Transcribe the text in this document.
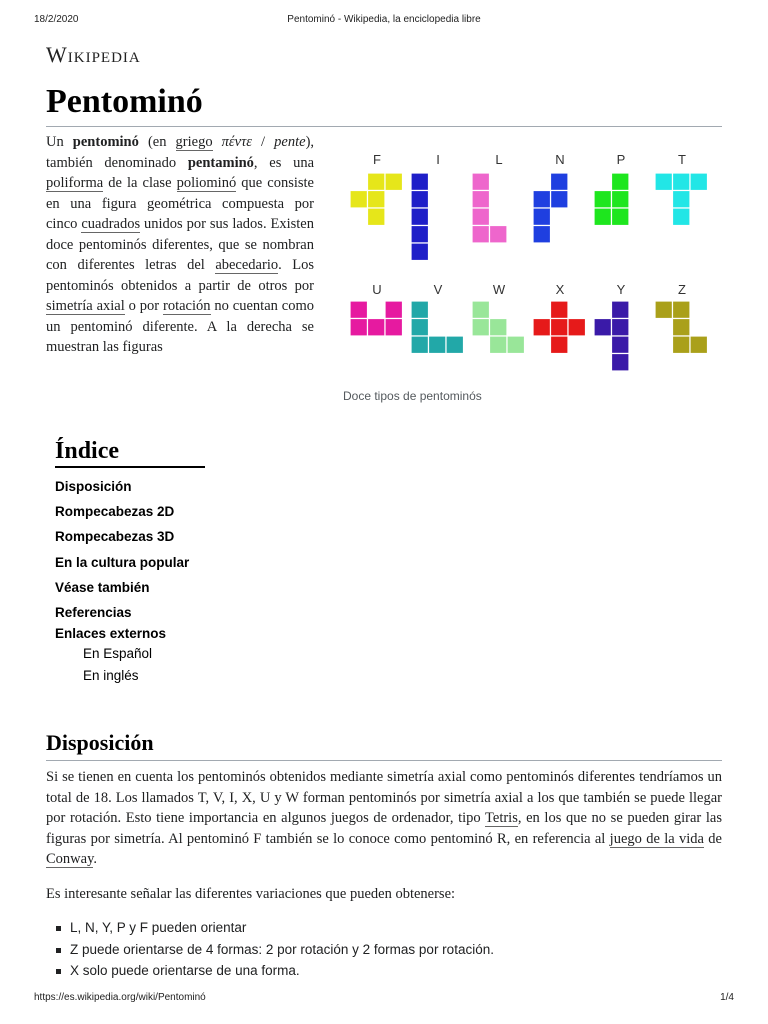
18/2/2020	Pentominó - Wikipedia, la enciclopedia libre
Wikipedia
Pentominó
Un pentominó (en griego πέντε / pente), también denominado pentaminó, es una poliforma de la clase poliominó que consiste en una figura geométrica compuesta por cinco cuadrados unidos por sus lados. Existen doce pentominós diferentes, que se nombran con diferentes letras del abecedario. Los pentominós obtenidos a partir de otros por simetría axial o por rotación no cuentan como un pentominó diferente. A la derecha se muestran las figuras
F	I	L	N	P	T
U	V	W	X	Y	Z
Doce tipos de pentominós
Índice
Disposición
Rompecabezas 2D
Rompecabezas 3D
En la cultura popular
Véase también
Referencias
Enlaces externos
En Español
En inglés
Disposición
Si se tienen en cuenta los pentominós obtenidos mediante simetría axial como pentominós diferentes tendríamos un total de 18. Los llamados T, V, I, X, U y W forman pentominós por simetría axial a los que también se puede llegar por rotación. Esto tiene importancia en algunos juegos de ordenador, tipo Tetris, en los que no se pueden girar las figuras por simetría. Al pentominó F también se lo conoce como pentominó R, en referencia al juego de la vida de Conway.
Es interesante señalar las diferentes variaciones que pueden obtenerse:
L, N, Y, P y F pueden orientar
Z puede orientarse de 4 formas: 2 por rotación y 2 formas por rotación.
X solo puede orientarse de una forma.
https://es.wikipedia.org/wiki/Pentominó	1/4
